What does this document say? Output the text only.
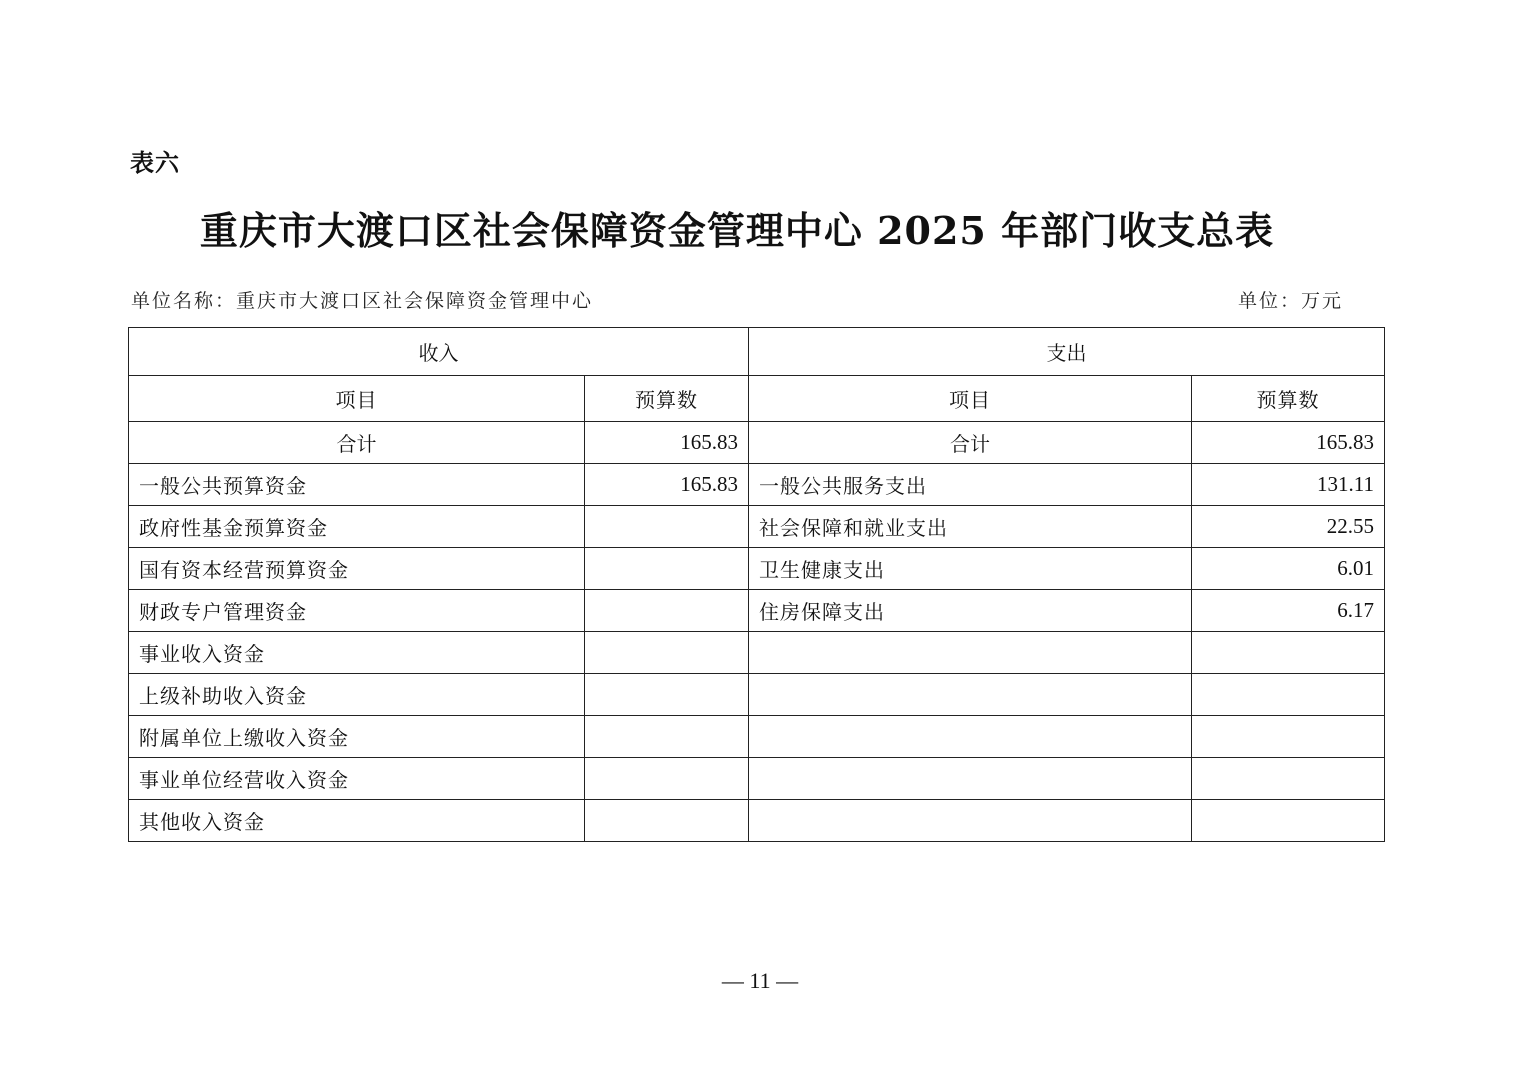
表六
重庆市大渡口区社会保障资金管理中心 2025 年部门收支总表
单位名称：重庆市大渡口区社会保障资金管理中心	单位：万元
收入		支出	
项目	预算数	项目	预算数
合计	165.83	合计	165.83
一般公共预算资金	165.83	一般公共服务支出	131.11
政府性基金预算资金		社会保障和就业支出	22.55
国有资本经营预算资金		卫生健康支出	6.01
财政专户管理资金		住房保障支出	6.17
事业收入资金			
上级补助收入资金			
附属单位上缴收入资金			
事业单位经营收入资金			
其他收入资金			
— 11 —
